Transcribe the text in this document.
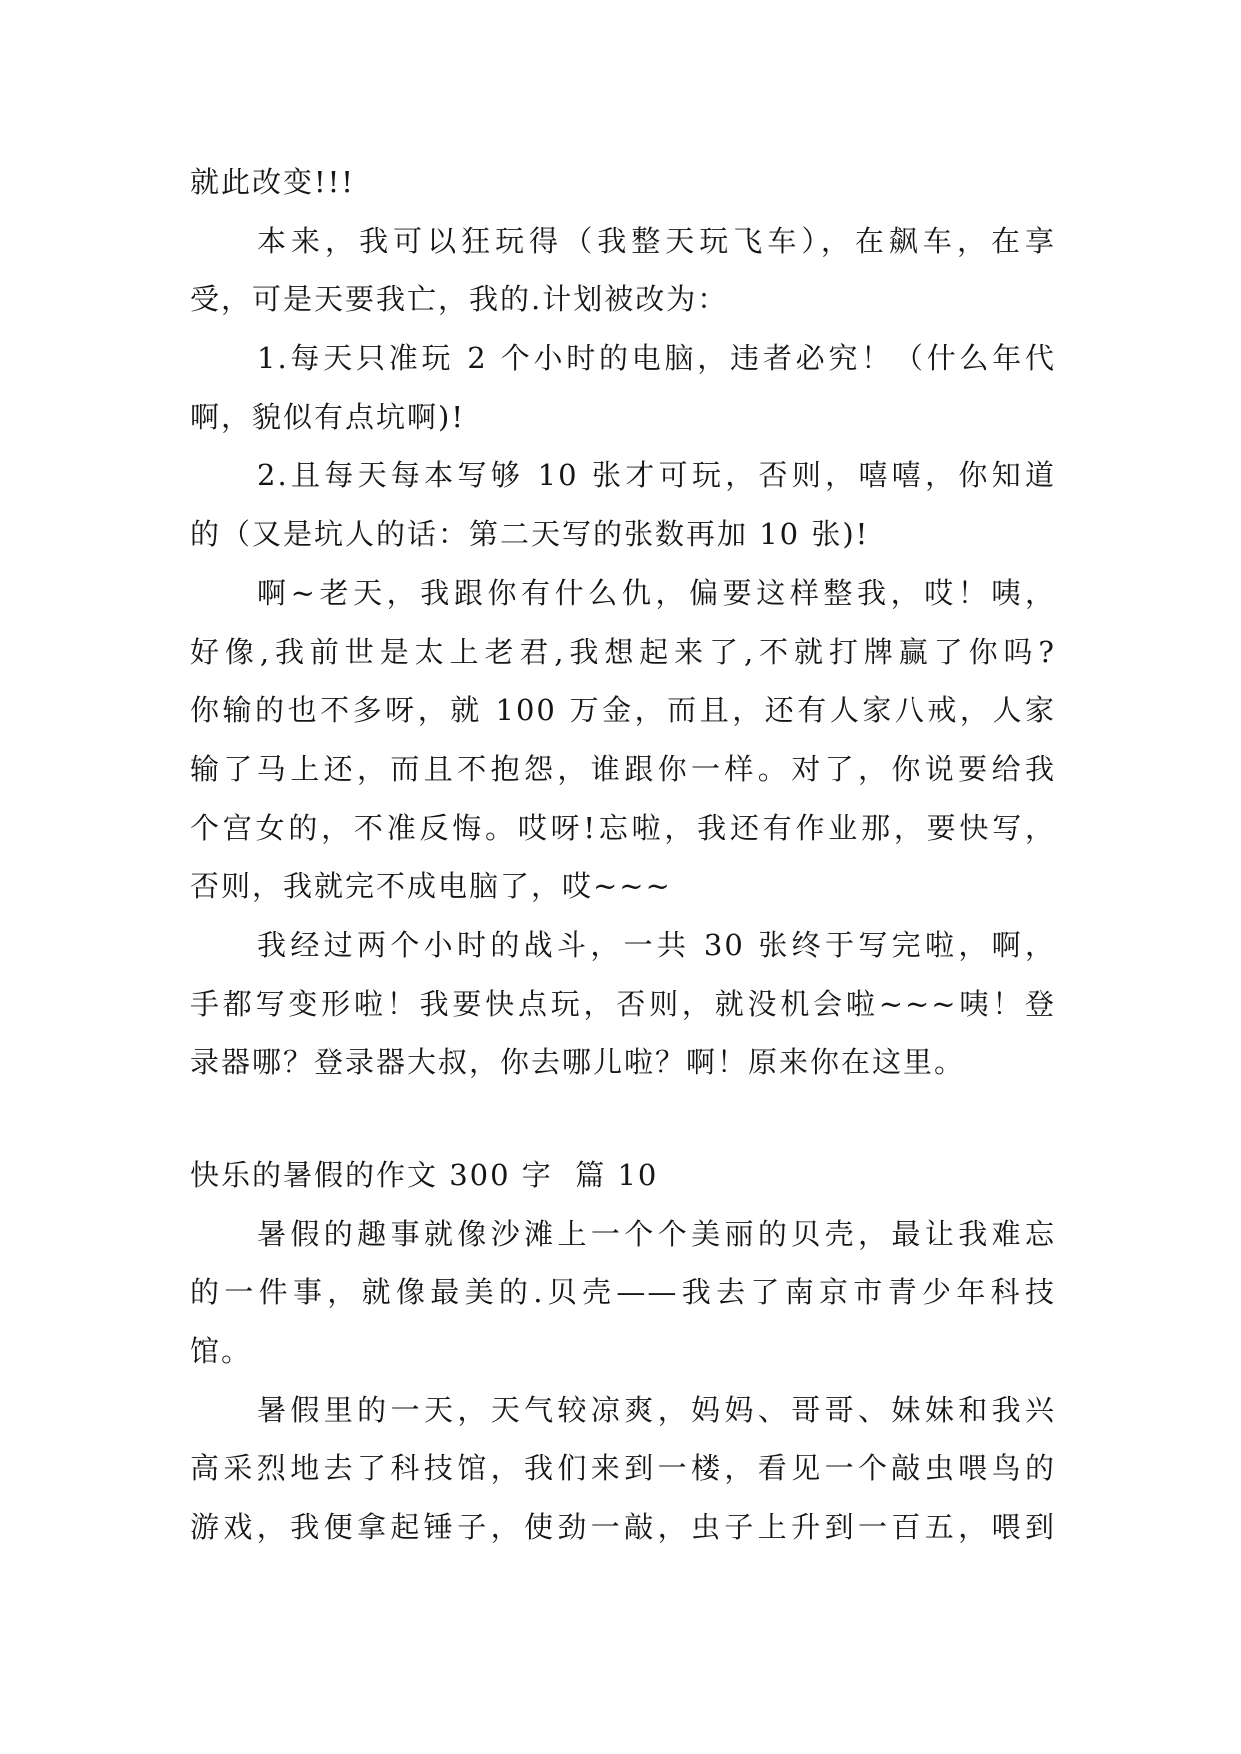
就此改变!!!
本来，我可以狂玩得（我整天玩飞车），在飙车，在享
受，可是天要我亡，我的.计划被改为：
1.每天只准玩 2 个小时的电脑，违者必究！（什么年代
啊，貌似有点坑啊)!
2.且每天每本写够 10 张才可玩，否则，嘻嘻，你知道
的（又是坑人的话：第二天写的张数再加 10 张)!
啊~老天，我跟你有什么仇，偏要这样整我，哎！咦，
好像,我前世是太上老君,我想起来了,不就打牌赢了你吗?
你输的也不多呀，就 100 万金，而且，还有人家八戒，人家
输了马上还，而且不抱怨，谁跟你一样。对了，你说要给我
个宫女的，不准反悔。哎呀!忘啦，我还有作业那，要快写，
否则，我就完不成电脑了，哎~~~
我经过两个小时的战斗，一共 30 张终于写完啦，啊，
手都写变形啦！我要快点玩，否则，就没机会啦~~~咦！登
录器哪？登录器大叔，你去哪儿啦？啊！原来你在这里。
快乐的暑假的作文 300 字  篇 10
暑假的趣事就像沙滩上一个个美丽的贝壳，最让我难忘
的一件事，就像最美的.贝壳——我去了南京市青少年科技
馆。
暑假里的一天，天气较凉爽，妈妈、哥哥、妹妹和我兴
高采烈地去了科技馆，我们来到一楼，看见一个敲虫喂鸟的
游戏，我便拿起锤子，使劲一敲，虫子上升到一百五，喂到
